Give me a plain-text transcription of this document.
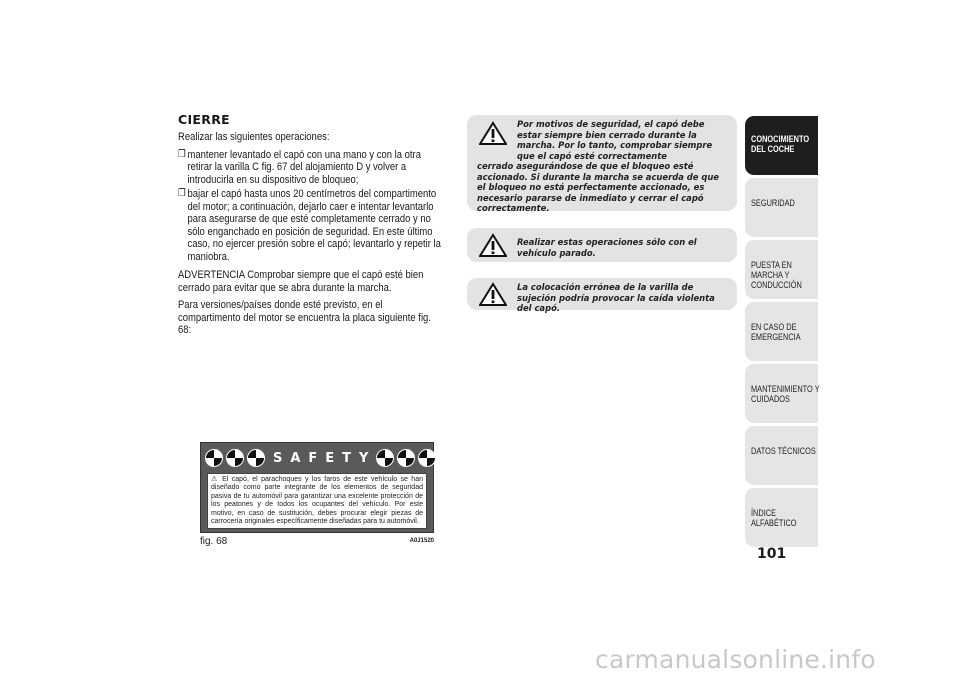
CIERRE
Realizar las siguientes operaciones:
❒ mantener levantado el capó con una mano y con la otra retirar la varilla C fig. 67 del alojamiento D y volver a introducirla en su dispositivo de bloqueo;
❒ bajar el capó hasta unos 20 centímetros del compartimento del motor; a continuación, dejarlo caer e intentar levantarlo para asegurarse de que esté completamente cerrado y no sólo enganchado en posición de seguridad. En este último caso, no ejercer presión sobre el capó; levantarlo y repetir la maniobra.
ADVERTENCIA Comprobar siempre que el capó esté bien cerrado para evitar que se abra durante la marcha.
Para versiones/países donde esté previsto, en el compartimento del motor se encuentra la placa siguiente fig. 68:
SAFETY
⚠ El capó, el parachoques y los faros de este vehículo se han diseñado como parte integrante de los elementos de seguridad pasiva de tu automóvil para garantizar una excelente protección de los peatones y de todos los ocupantes del vehículo. Por este motivo, en caso de sustitución, debes procurar elegir piezas de carrocería originales específicamente diseñadas para tu automóvil.
fig. 68	A0J1520
Por motivos de seguridad, el capó debe estar siempre bien cerrado durante la marcha. Por lo tanto, comprobar siempre que el capó esté correctamente
cerrado asegurándose de que el bloqueo esté accionado. Si durante la marcha se acuerda de que el bloqueo no está perfectamente accionado, es necesario pararse de inmediato y cerrar el capó correctamente.
Realizar estas operaciones sólo con el vehículo parado.
La colocación errónea de la varilla de sujeción podría provocar la caída violenta del capó.
CONOCIMIENTO DEL COCHE
SEGURIDAD
PUESTA EN MARCHA Y CONDUCCIÓN
EN CASO DE EMERGENCIA
MANTENIMIENTO Y CUIDADOS
DATOS TÉCNICOS
ÍNDICE ALFABÉTICO
101
carmanualsonline.info
